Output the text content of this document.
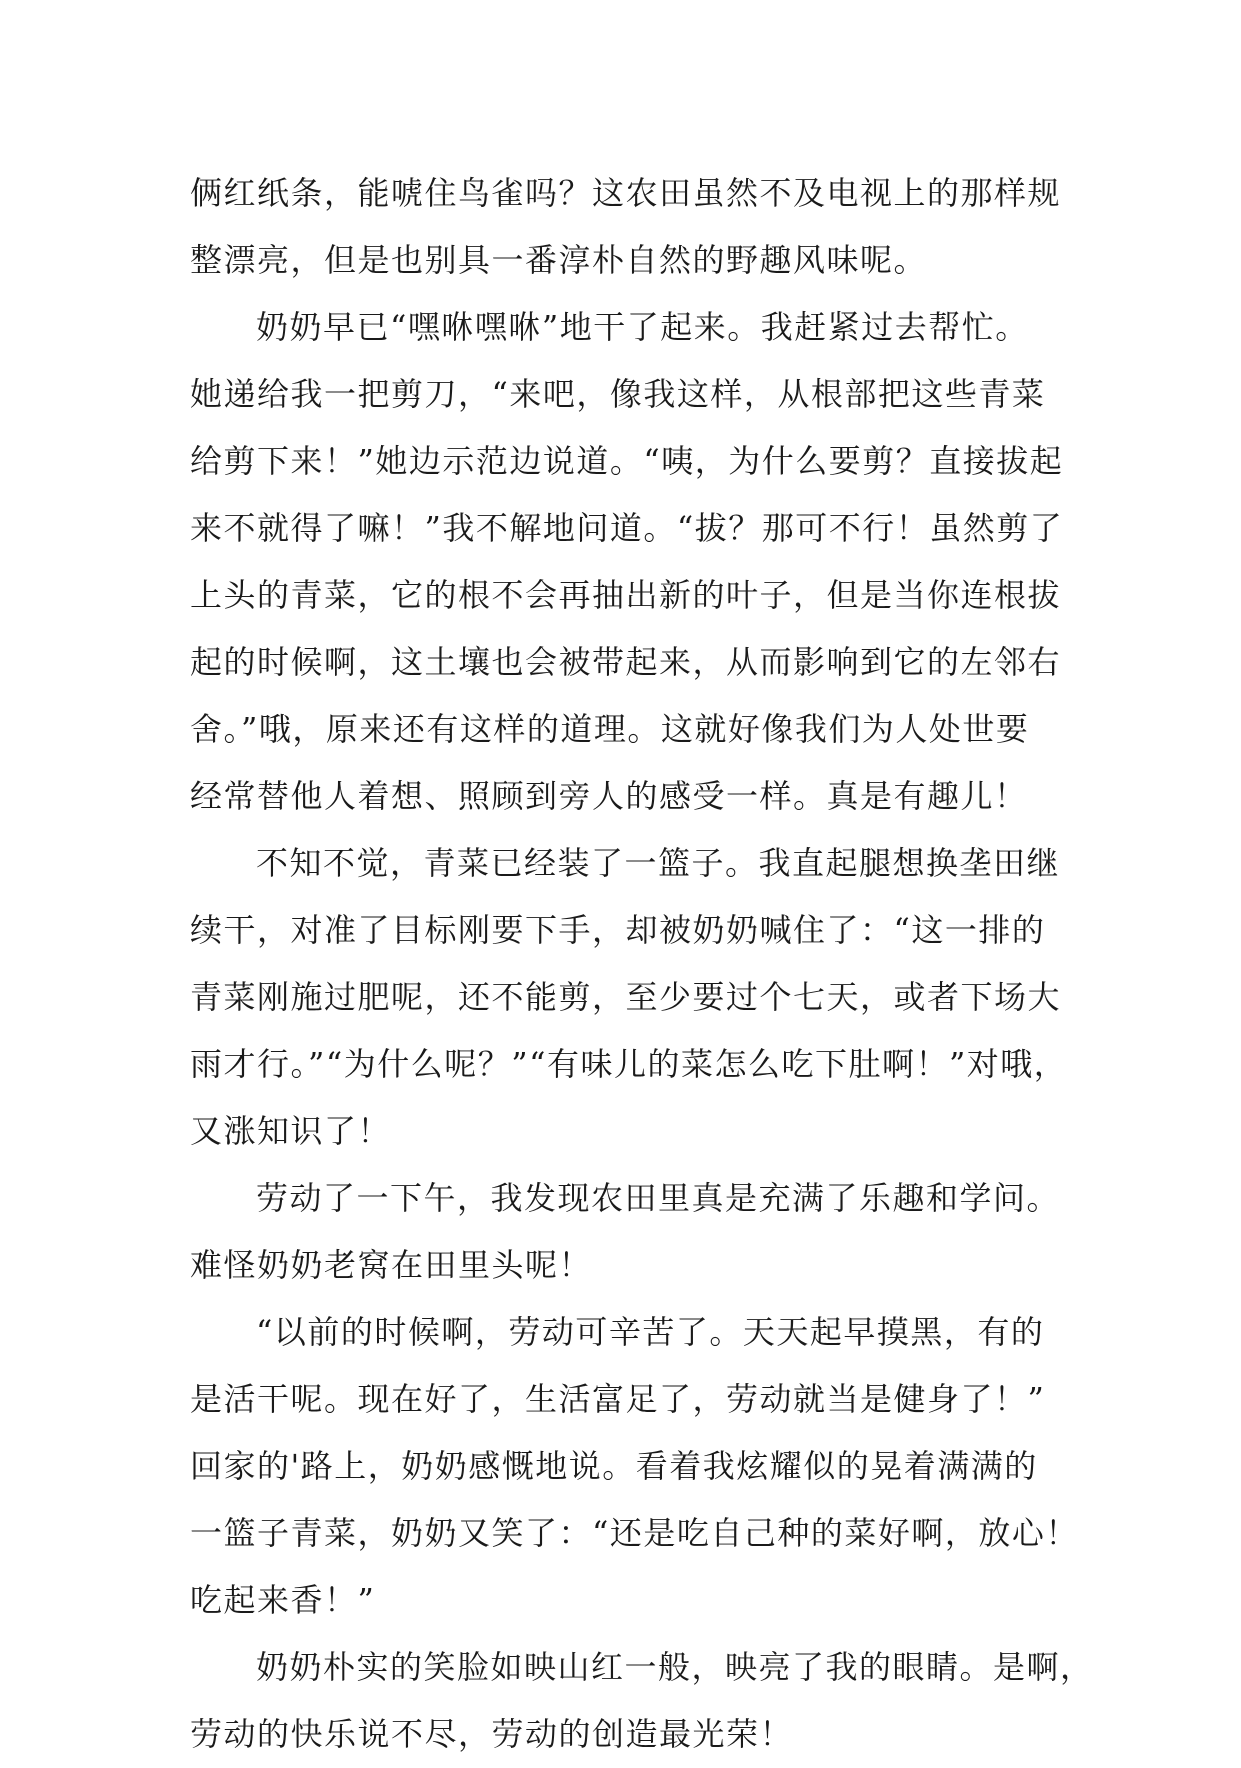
俩红纸条，能唬住鸟雀吗？这农田虽然不及电视上的那样规
整漂亮，但是也别具一番淳朴自然的野趣风味呢。
奶奶早已“嘿咻嘿咻”地干了起来。我赶紧过去帮忙。
她递给我一把剪刀，“来吧，像我这样，从根部把这些青菜
给剪下来！”她边示范边说道。“咦，为什么要剪？直接拔起
来不就得了嘛！”我不解地问道。“拔？那可不行！虽然剪了
上头的青菜，它的根不会再抽出新的叶子，但是当你连根拔
起的时候啊，这土壤也会被带起来，从而影响到它的左邻右
舍。”哦，原来还有这样的道理。这就好像我们为人处世要
经常替他人着想、照顾到旁人的感受一样。真是有趣儿！
不知不觉，青菜已经装了一篮子。我直起腿想换垄田继
续干，对准了目标刚要下手，却被奶奶喊住了：“这一排的
青菜刚施过肥呢，还不能剪，至少要过个七天，或者下场大
雨才行。”“为什么呢？”“有味儿的菜怎么吃下肚啊！”对哦，
又涨知识了！
劳动了一下午，我发现农田里真是充满了乐趣和学问。
难怪奶奶老窝在田里头呢！
“以前的时候啊，劳动可辛苦了。天天起早摸黑，有的
是活干呢。现在好了，生活富足了，劳动就当是健身了！”
回家的'路上，奶奶感慨地说。看着我炫耀似的晃着满满的
一篮子青菜，奶奶又笑了：“还是吃自己种的菜好啊，放心！
吃起来香！”
奶奶朴实的笑脸如映山红一般，映亮了我的眼睛。是啊，
劳动的快乐说不尽，劳动的创造最光荣！
